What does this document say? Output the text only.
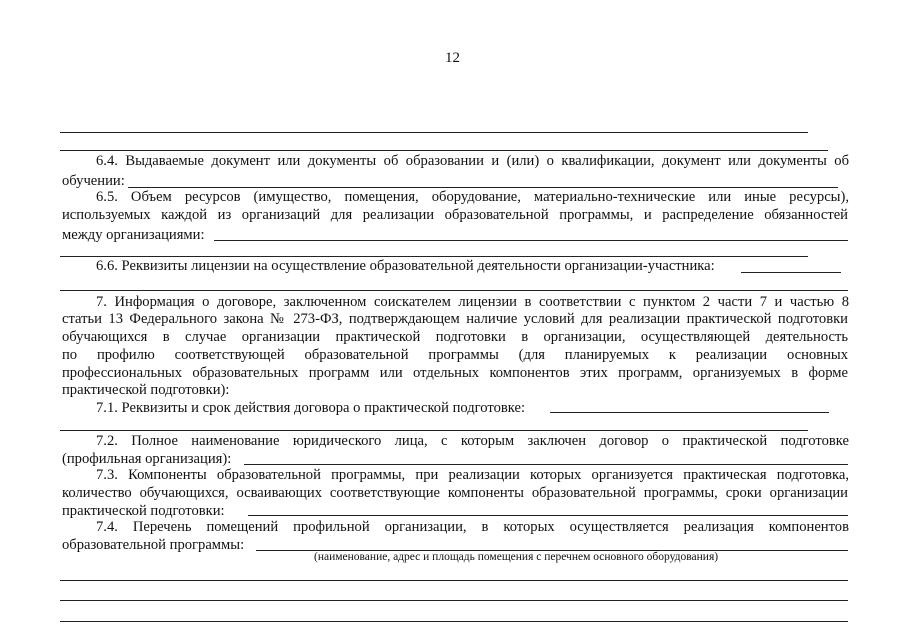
12
6.4. Выдаваемые документ или документы об образовании и (или) о квалификации, документ или документы об
обучении:
6.5. Объем ресурсов (имущество, помещения, оборудование, материально-технические или иные ресурсы),
используемых каждой из организаций для реализации образовательной программы, и распределение обязанностей
между организациями:
6.6. Реквизиты лицензии на осуществление образовательной деятельности организации-участника:
7. Информация о договоре, заключенном соискателем лицензии в соответствии с пунктом 2 части 7 и частью 8
статьи 13 Федерального закона № 273-ФЗ, подтверждающем наличие условий для реализации практической подготовки
обучающихся в случае организации практической подготовки в организации, осуществляющей деятельность
по профилю соответствующей образовательной программы (для планируемых к реализации основных
профессиональных образовательных программ или отдельных компонентов этих программ, организуемых в форме
практической подготовки):
7.1. Реквизиты и срок действия договора о практической подготовке:
7.2. Полное наименование юридического лица, с которым заключен договор о практической подготовке
(профильная организация):
7.3. Компоненты образовательной программы, при реализации которых организуется практическая подготовка,
количество обучающихся, осваивающих соответствующие компоненты образовательной программы, сроки организации
практической подготовки:
7.4. Перечень помещений профильной организации, в которых осуществляется реализация компонентов
образовательной программы:
(наименование, адрес и площадь помещения с перечнем основного оборудования)
